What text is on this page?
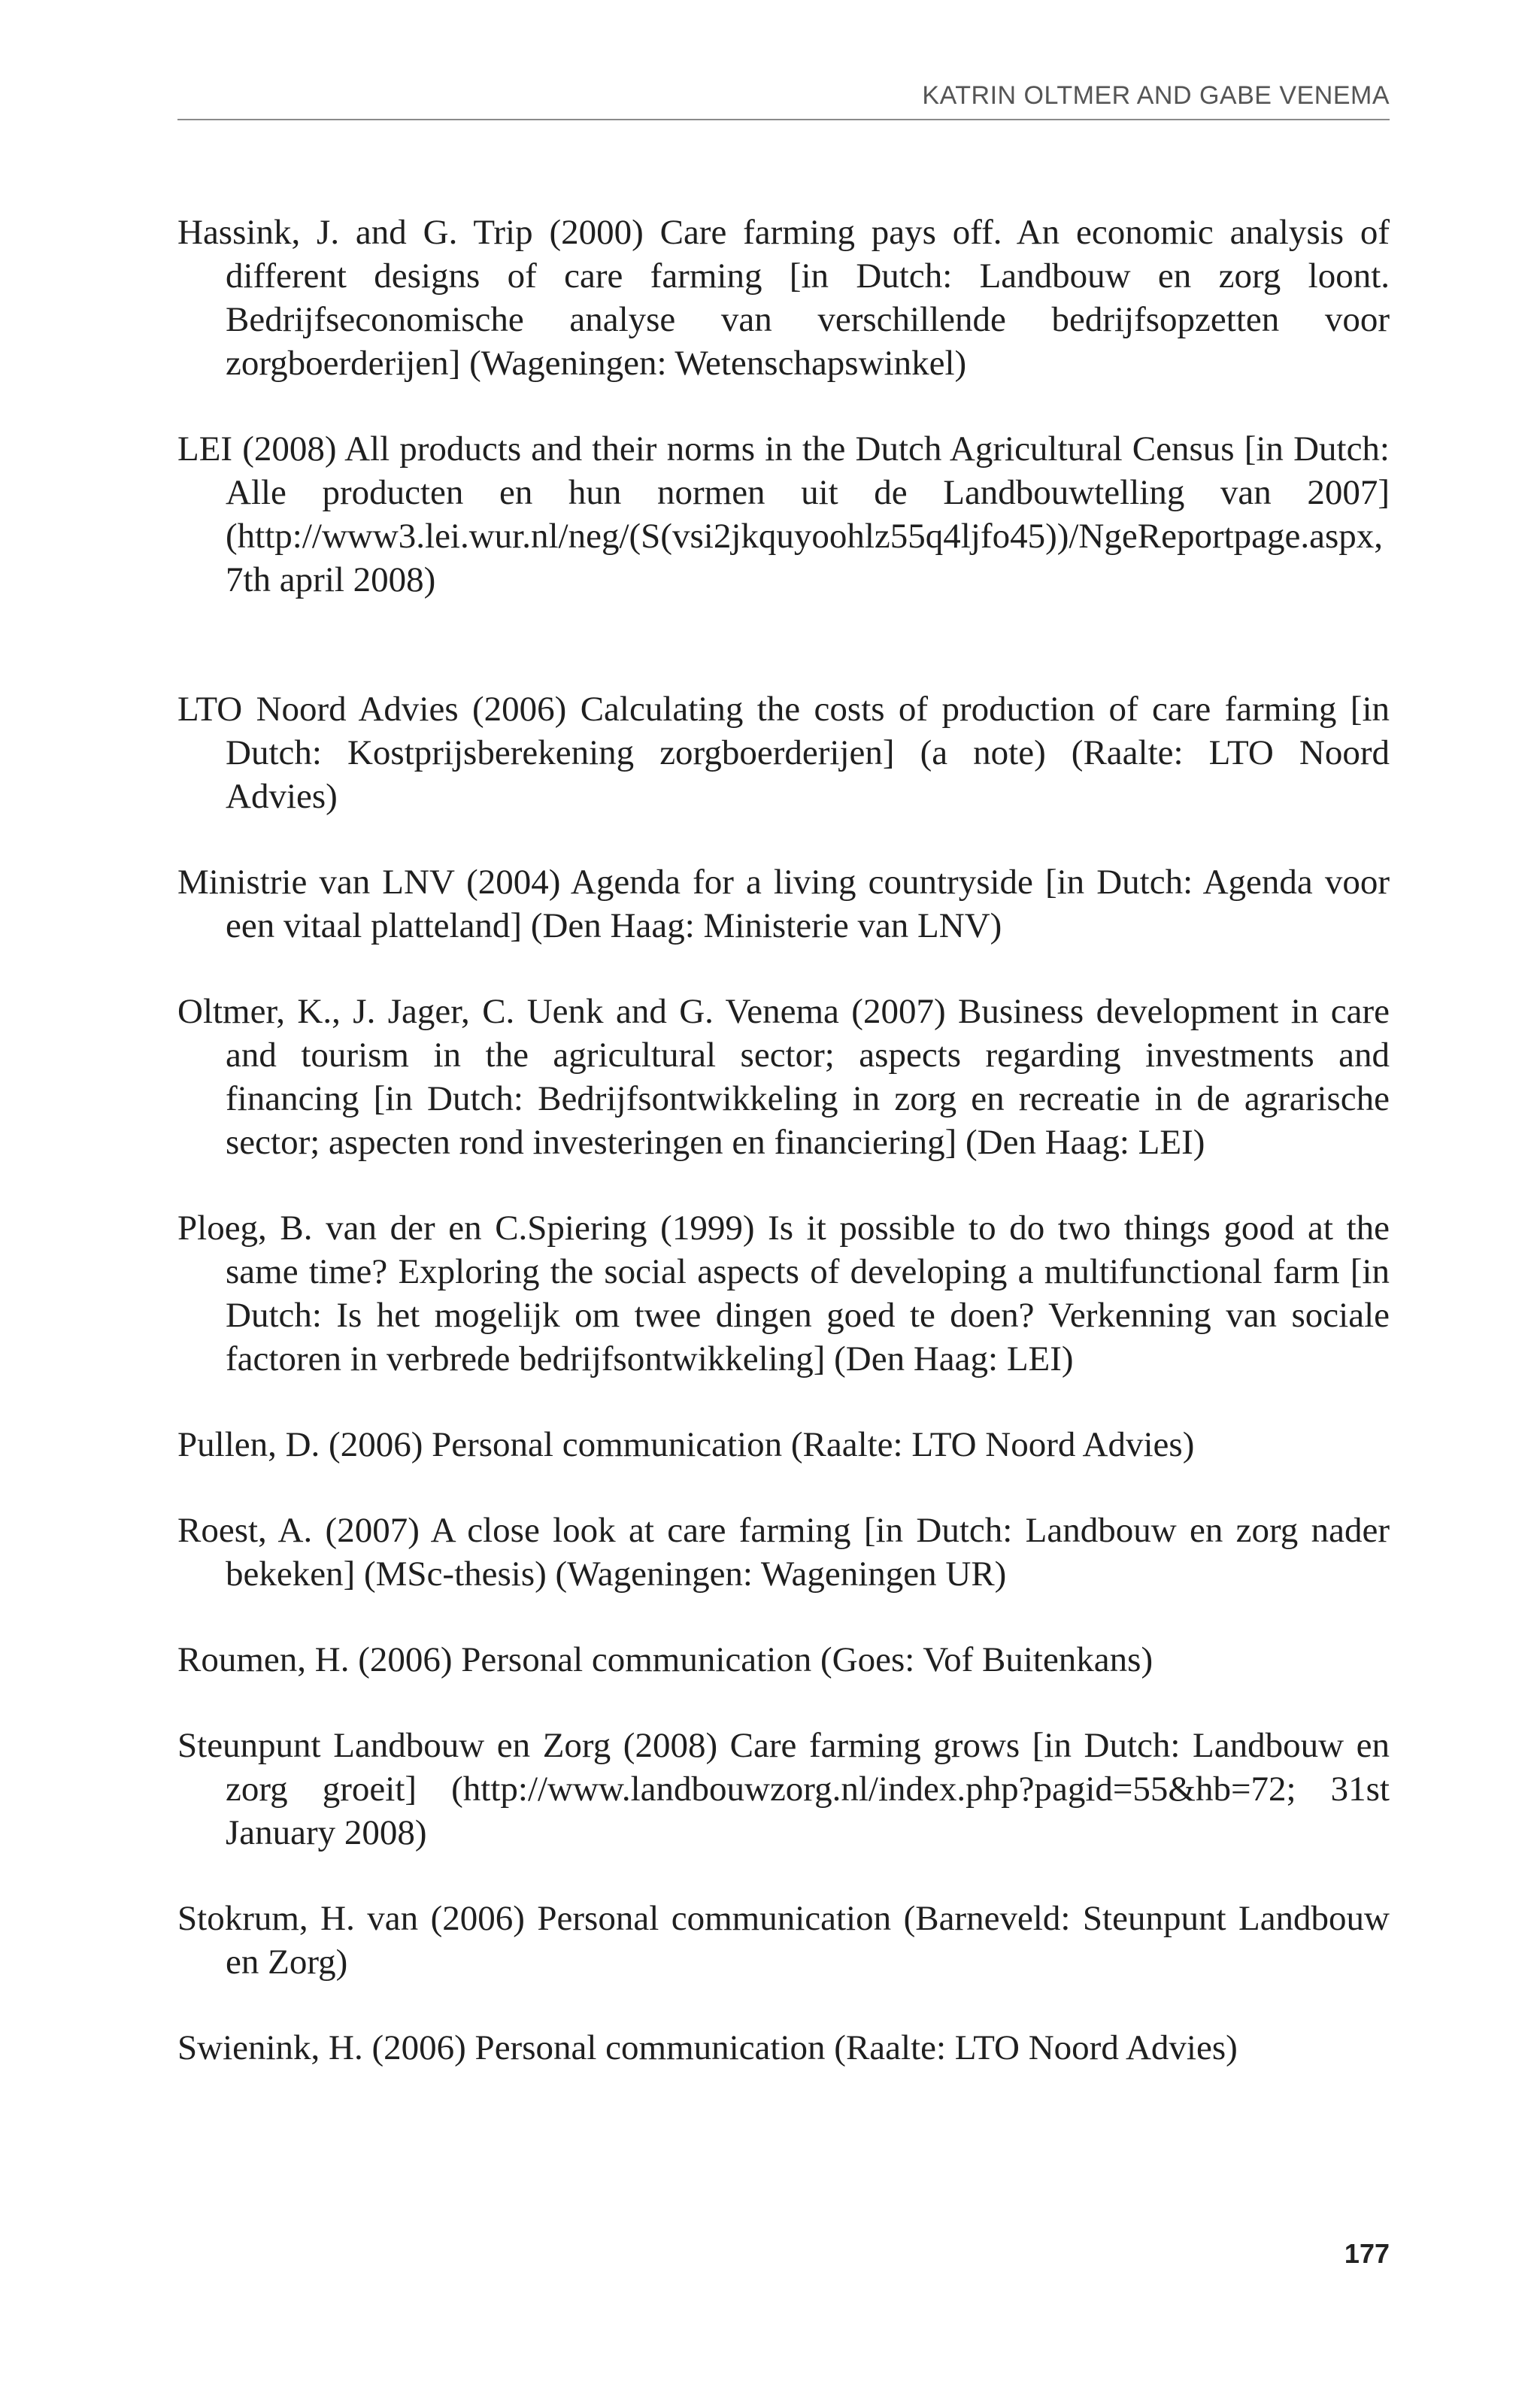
KATRIN OLTMER AND GABE VENEMA
Hassink, J. and G. Trip (2000) Care farming pays off. An economic analysis of different designs of care farming [in Dutch: Landbouw en zorg loont. Bedrijfseconomische analyse van verschillende bedrijfsopzetten voor zorgboerderijen] (Wageningen: Wetenschapswinkel)
LEI (2008) All products and their norms in the Dutch Agricultural Census [in Dutch: Alle producten en hun normen uit de Landbouwtelling van 2007] (http://www3.lei.wur.nl/neg/(S(vsi2jkquyoohlz55q4ljfo45))/NgeReportpage.aspx, 7th april 2008)
LTO Noord Advies (2006) Calculating the costs of production of care farming [in Dutch: Kostprijsberekening zorgboerderijen] (a note) (Raalte: LTO Noord Advies)
Ministrie van LNV (2004) Agenda for a living countryside [in Dutch: Agenda voor een vitaal platteland] (Den Haag: Ministerie van LNV)
Oltmer, K., J. Jager, C. Uenk and G. Venema (2007) Business development in care and tourism in the agricultural sector; aspects regarding investments and financing [in Dutch: Bedrijfsontwikkeling in zorg en recreatie in de agrarische sector; aspecten rond investeringen en financiering] (Den Haag: LEI)
Ploeg, B. van der en C.Spiering (1999) Is it possible to do two things good at the same time? Exploring the social aspects of developing a multifunctional farm [in Dutch: Is het mogelijk om twee dingen goed te doen? Verkenning van sociale factoren in verbrede bedrijfsontwikkeling] (Den Haag: LEI)
Pullen, D. (2006) Personal communication (Raalte: LTO Noord Advies)
Roest, A. (2007) A close look at care farming [in Dutch: Landbouw en zorg nader bekeken] (MSc-thesis) (Wageningen: Wageningen UR)
Roumen, H. (2006) Personal communication (Goes: Vof Buitenkans)
Steunpunt Landbouw en Zorg (2008) Care farming grows [in Dutch: Landbouw en zorg groeit] (http://www.landbouwzorg.nl/index.php?pagid=55&hb=72; 31st January 2008)
Stokrum, H. van (2006) Personal communication (Barneveld: Steunpunt Landbouw en Zorg)
Swienink, H. (2006) Personal communication (Raalte: LTO Noord Advies)
177
